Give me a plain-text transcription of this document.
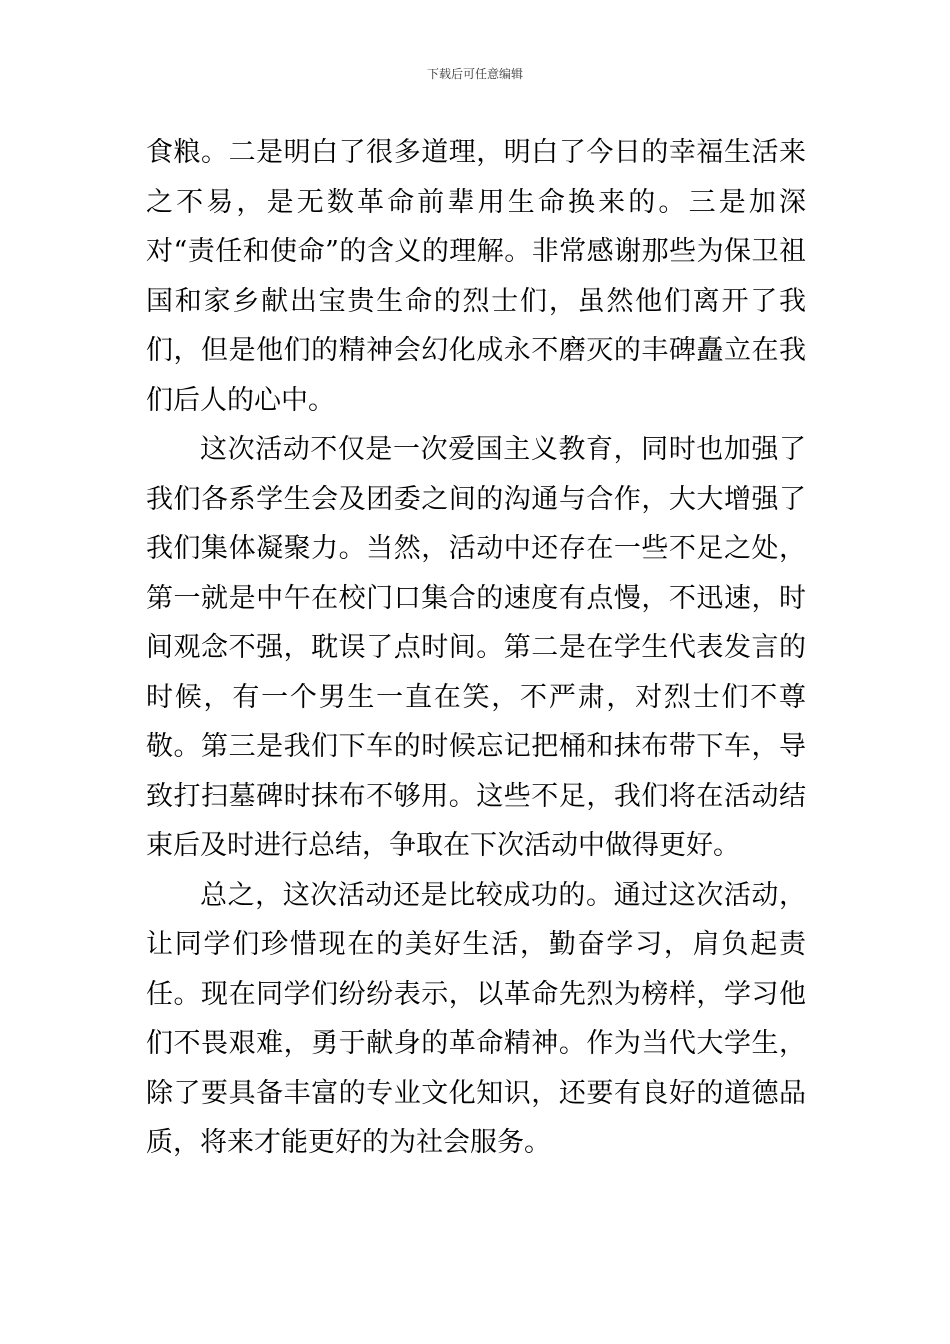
下载后可任意编辑

食粮。二是明白了很多道理，明白了今日的幸福生活来之不易，是无数革命前辈用生命换来的。三是加深对“责任和使命”的含义的理解。非常感谢那些为保卫祖国和家乡献出宝贵生命的烈士们，虽然他们离开了我们，但是他们的精神会幻化成永不磨灭的丰碑矗立在我们后人的心中。

这次活动不仅是一次爱国主义教育，同时也加强了我们各系学生会及团委之间的沟通与合作，大大增强了我们集体凝聚力。当然，活动中还存在一些不足之处，第一就是中午在校门口集合的速度有点慢，不迅速，时间观念不强，耽误了点时间。第二是在学生代表发言的时候，有一个男生一直在笑，不严肃，对烈士们不尊敬。第三是我们下车的时候忘记把桶和抹布带下车，导致打扫墓碑时抹布不够用。这些不足，我们将在活动结束后及时进行总结，争取在下次活动中做得更好。

总之，这次活动还是比较成功的。通过这次活动，让同学们珍惜现在的美好生活，勤奋学习，肩负起责任。现在同学们纷纷表示，以革命先烈为榜样，学习他们不畏艰难，勇于献身的革命精神。作为当代大学生，除了要具备丰富的专业文化知识，还要有良好的道德品质，将来才能更好的为社会服务。
